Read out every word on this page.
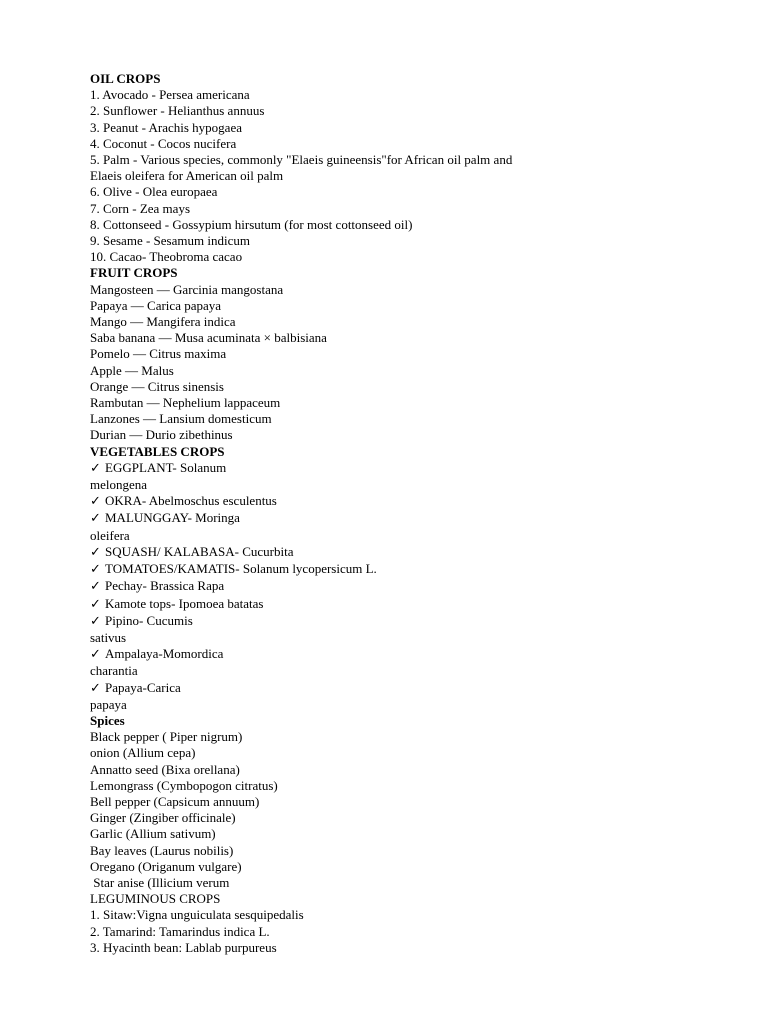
OIL CROPS
1. Avocado - Persea americana
2. Sunflower - Helianthus annuus
3. Peanut - Arachis hypogaea
4. Coconut - Cocos nucifera
5. Palm - Various species, commonly "Elaeis guineensis"for African oil palm and
Elaeis oleifera for American oil palm
6. Olive - Olea europaea
7. Corn - Zea mays
8. Cottonseed - Gossypium hirsutum (for most cottonseed oil)
9. Sesame - Sesamum indicum
10. Cacao- Theobroma cacao
FRUIT CROPS
Mangosteen — Garcinia mangostana
Papaya — Carica papaya
Mango — Mangifera indica
Saba banana — Musa acuminata × balbisiana
Pomelo — Citrus maxima
Apple — Malus
Orange — Citrus sinensis
Rambutan — Nephelium lappaceum
Lanzones — Lansium domesticum
Durian — Durio zibethinus
VEGETABLES CROPS
✓ EGGPLANT- Solanum
melongena
✓ OKRA- Abelmoschus esculentus
✓ MALUNGGAY- Moringa
oleifera
✓ SQUASH/ KALABASA- Cucurbita
✓ TOMATOES/KAMATIS- Solanum lycopersicum L.
✓ Pechay- Brassica Rapa
✓ Kamote tops- Ipomoea batatas
✓ Pipino- Cucumis
sativus
✓ Ampalaya-Momordica
charantia
✓ Papaya-Carica
papaya
Spices
Black pepper ( Piper nigrum)
onion (Allium cepa)
Annatto seed (Bixa orellana)
Lemongrass (Cymbopogon citratus)
Bell pepper (Capsicum annuum)
Ginger (Zingiber officinale)
Garlic (Allium sativum)
Bay leaves (Laurus nobilis)
Oregano (Origanum vulgare)
Star anise (Illicium verum
LEGUMINOUS CROPS
1. Sitaw:Vigna unguiculata sesquipedalis
2. Tamarind: Tamarindus indica L.
3. Hyacinth bean: Lablab purpureus
